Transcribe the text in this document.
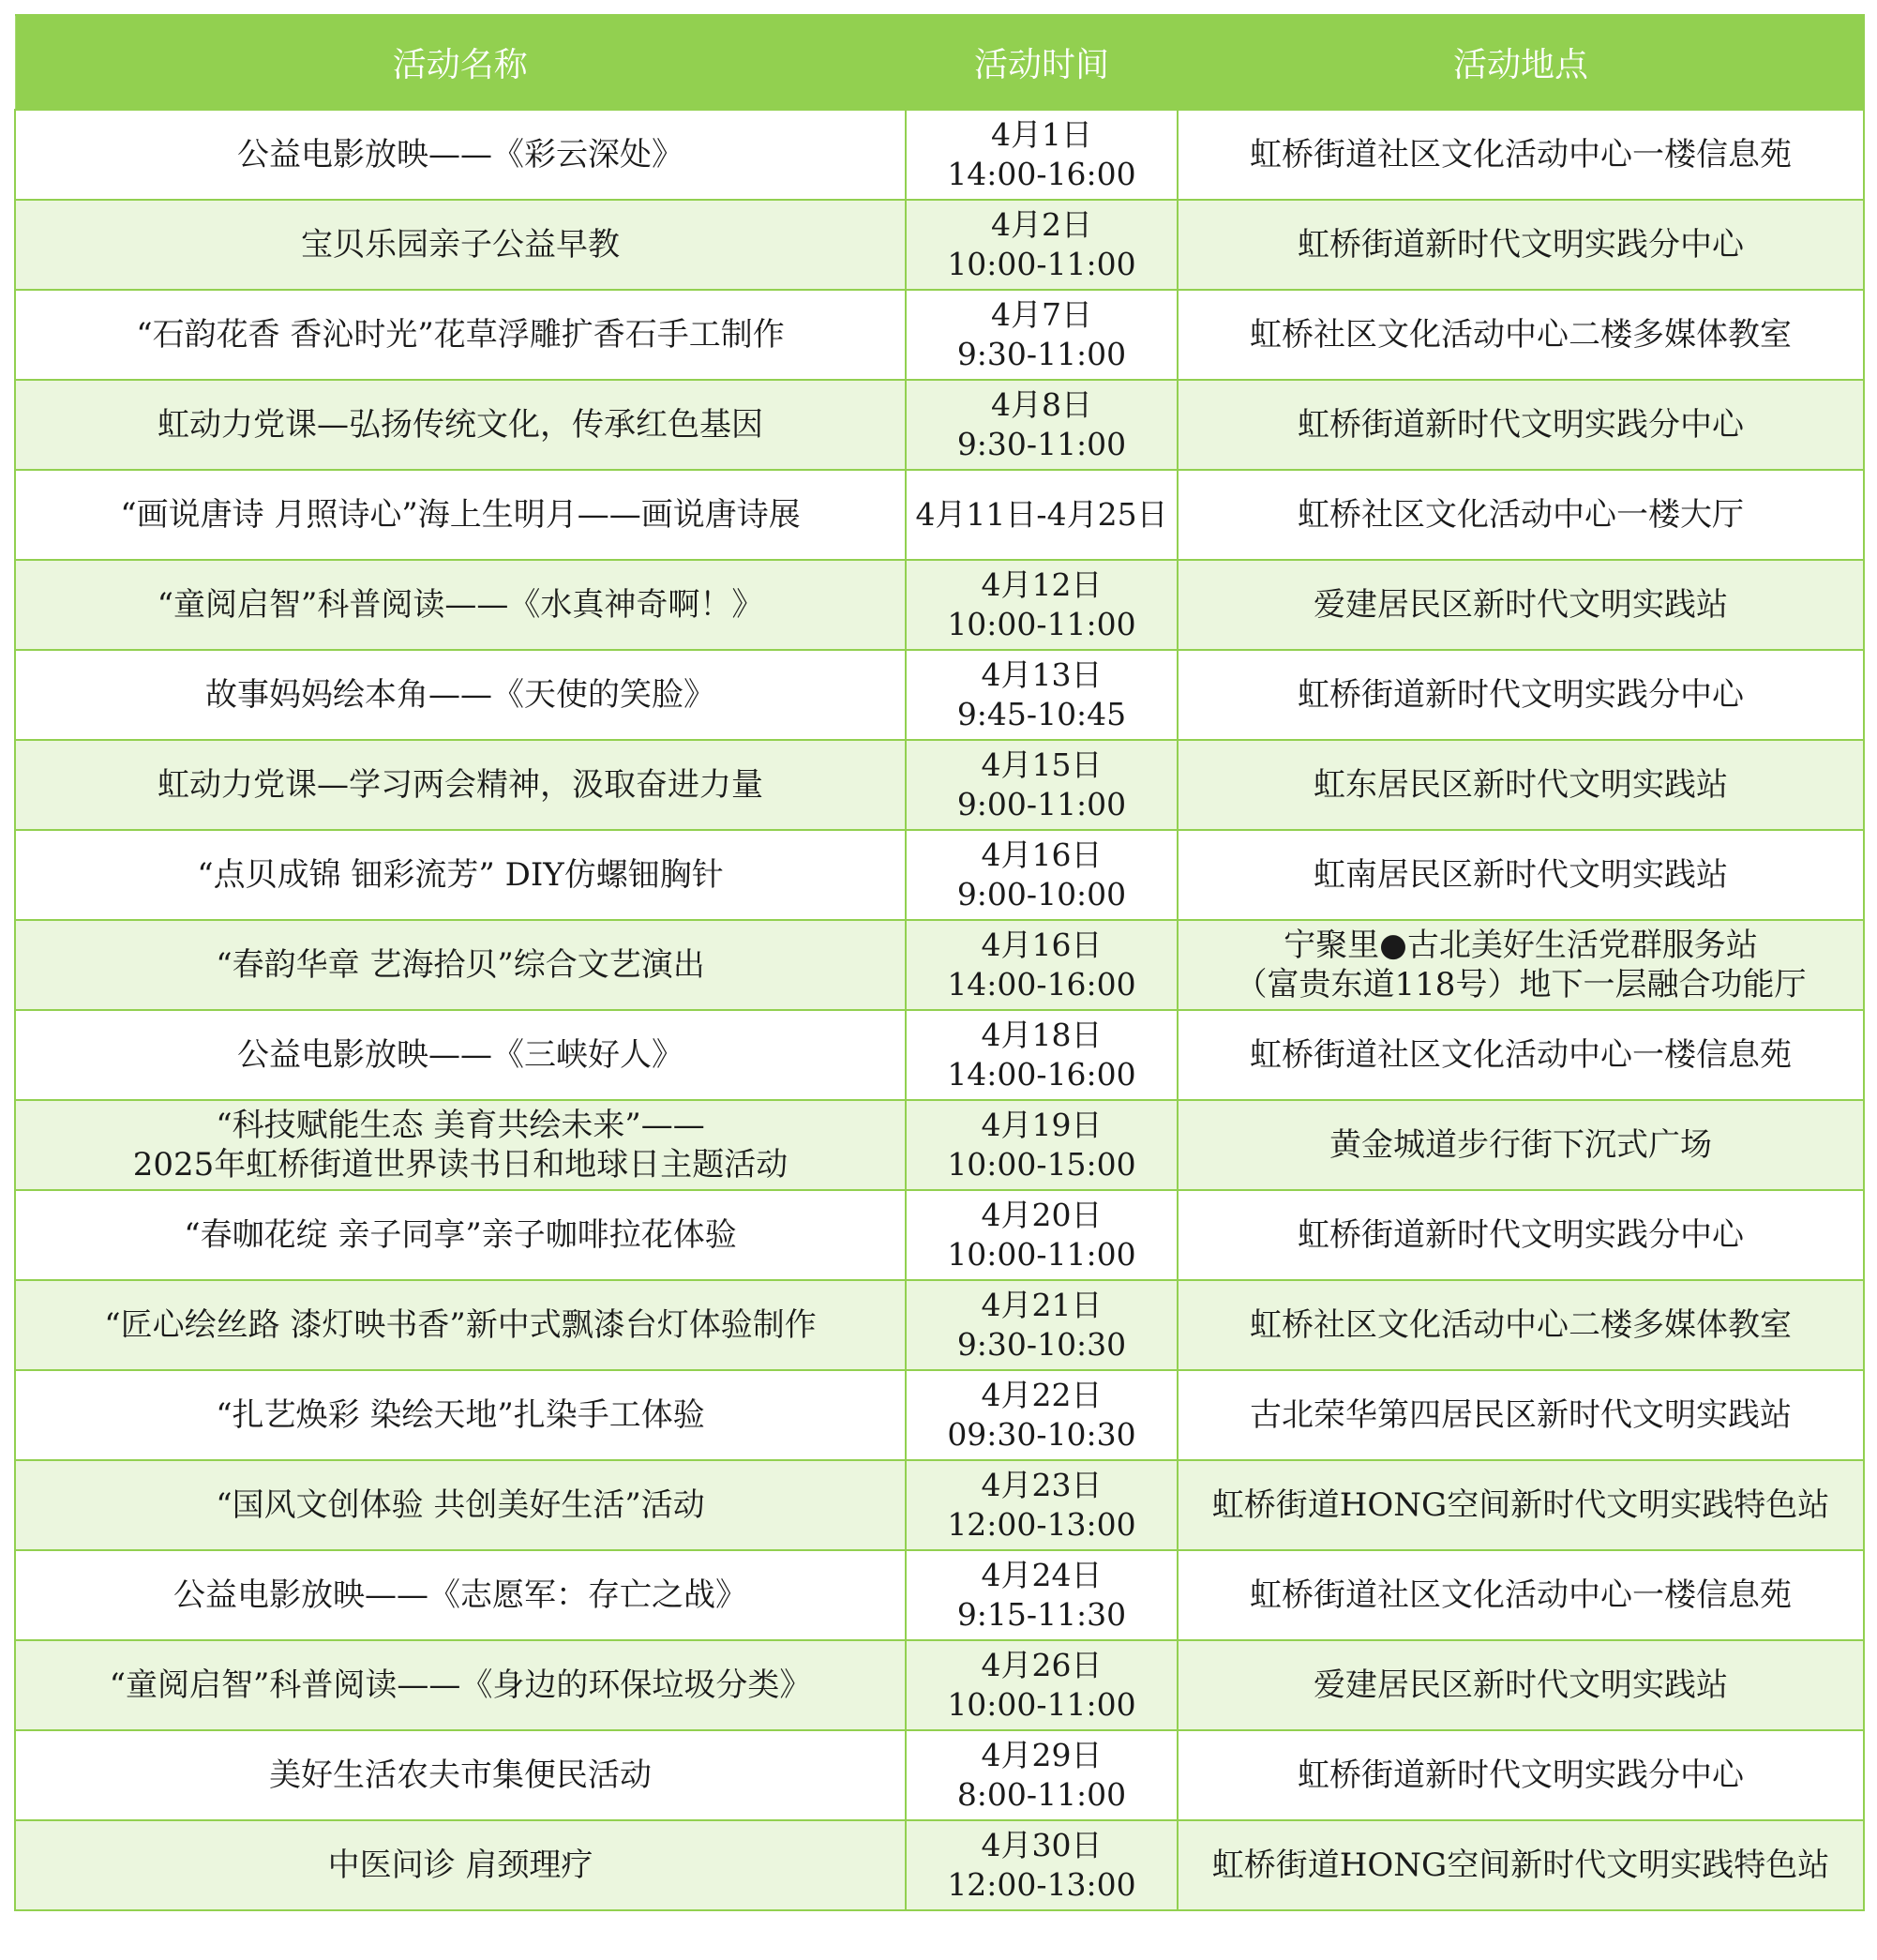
活动名称	活动时间	活动地点

公益电影放映——《彩云深处》	4月1日
14:00-16:00	虹桥街道社区文化活动中心一楼信息苑

宝贝乐园亲子公益早教	4月2日
10:00-11:00	虹桥街道新时代文明实践分中心

“石韵花香 香沁时光”花草浮雕扩香石手工制作	4月7日
9:30-11:00	虹桥社区文化活动中心二楼多媒体教室

虹动力党课—弘扬传统文化，传承红色基因	4月8日
9:30-11:00	虹桥街道新时代文明实践分中心

“画说唐诗 月照诗心”海上生明月——画说唐诗展	4月11日-4月25日	虹桥社区文化活动中心一楼大厅

“童阅启智”科普阅读——《水真神奇啊！》	4月12日
10:00-11:00	爱建居民区新时代文明实践站

故事妈妈绘本角——《天使的笑脸》	4月13日
9:45-10:45	虹桥街道新时代文明实践分中心

虹动力党课—学习两会精神，汲取奋进力量	4月15日
9:00-11:00	虹东居民区新时代文明实践站

“点贝成锦 钿彩流芳” DIY仿螺钿胸针	4月16日
9:00-10:00	虹南居民区新时代文明实践站

“春韵华章 艺海拾贝”综合文艺演出	4月16日
14:00-16:00	宁聚里●古北美好生活党群服务站
（富贵东道118号）地下一层融合功能厅

公益电影放映——《三峡好人》	4月18日
14:00-16:00	虹桥街道社区文化活动中心一楼信息苑

“科技赋能生态 美育共绘未来”——
2025年虹桥街道世界读书日和地球日主题活动	4月19日
10:00-15:00	黄金城道步行街下沉式广场

“春咖花绽 亲子同享”亲子咖啡拉花体验	4月20日
10:00-11:00	虹桥街道新时代文明实践分中心

“匠心绘丝路 漆灯映书香”新中式飘漆台灯体验制作	4月21日
9:30-10:30	虹桥社区文化活动中心二楼多媒体教室

“扎艺焕彩 染绘天地”扎染手工体验	4月22日
09:30-10:30	古北荣华第四居民区新时代文明实践站

“国风文创体验 共创美好生活”活动	4月23日
12:00-13:00	虹桥街道HONG空间新时代文明实践特色站

公益电影放映——《志愿军：存亡之战》	4月24日
9:15-11:30	虹桥街道社区文化活动中心一楼信息苑

“童阅启智”科普阅读——《身边的环保垃圾分类》	4月26日
10:00-11:00	爱建居民区新时代文明实践站

美好生活农夫市集便民活动	4月29日
8:00-11:00	虹桥街道新时代文明实践分中心

中医问诊 肩颈理疗	4月30日
12:00-13:00	虹桥街道HONG空间新时代文明实践特色站
